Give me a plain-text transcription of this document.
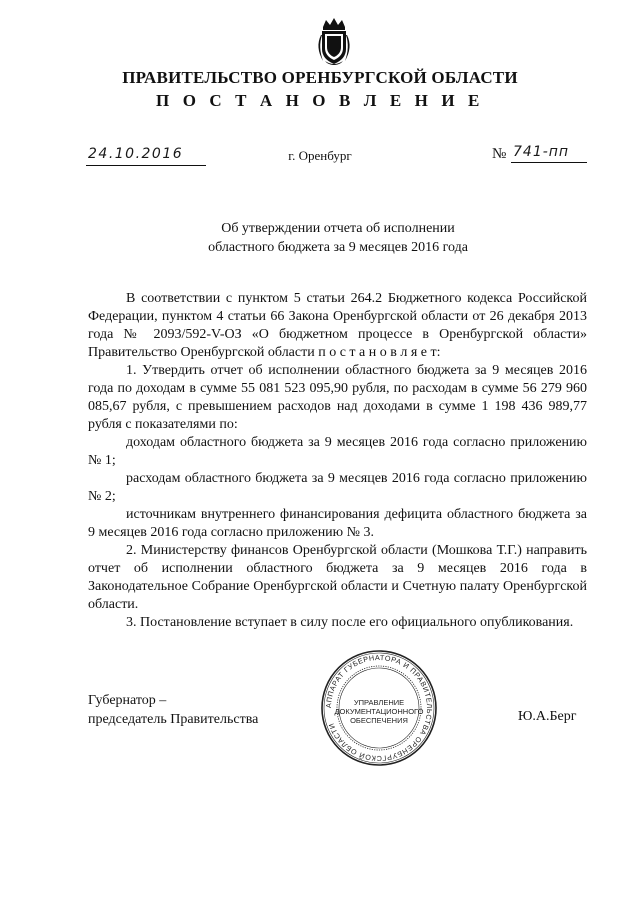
ПРАВИТЕЛЬСТВО ОРЕНБУРГСКОЙ ОБЛАСТИ
П О С Т А Н О В Л Е Н И Е
24.10.2016	г. Оренбург	№ 741-пп
Об утверждении отчета об исполнении
областного бюджета за 9 месяцев 2016 года

В соответствии с пунктом 5 статьи 264.2 Бюджетного кодекса Российской Федерации, пунктом 4 статьи 66 Закона Оренбургской области от 26 декабря 2013 года № 2093/592-V-ОЗ «О бюджетном процессе в Оренбургской области» Правительство Оренбургской области п о с т а н о в л я е т:

1. Утвердить отчет об исполнении областного бюджета за 9 месяцев 2016 года по доходам в сумме 55 081 523 095,90 рубля, по расходам в сумме 56 279 960 085,67 рубля, с превышением расходов над доходами в сумме 1 198 436 989,77 рубля с показателями по:

доходам областного бюджета за 9 месяцев 2016 года согласно приложению № 1;

расходам областного бюджета за 9 месяцев 2016 года согласно приложению № 2;

источникам внутреннего финансирования дефицита областного бюджета за 9 месяцев 2016 года согласно приложению № 3.

2. Министерству финансов Оренбургской области (Мошкова Т.Г.) направить отчет об исполнении областного бюджета за 9 месяцев 2016 года в Законодательное Собрание Оренбургской области и Счетную палату Оренбургской области.

3. Постановление вступает в силу после его официального опубликования.

Губернатор –
председатель Правительства
АППАРАТ ГУБЕРНАТОРА И ПРАВИТЕЛЬСТВА ОРЕНБУРГСКОЙ ОБЛАСТИ
УПРАВЛЕНИЕ
ДОКУМЕНТАЦИОННОГО
ОБЕСПЕЧЕНИЯ	Ю.А.Берг
